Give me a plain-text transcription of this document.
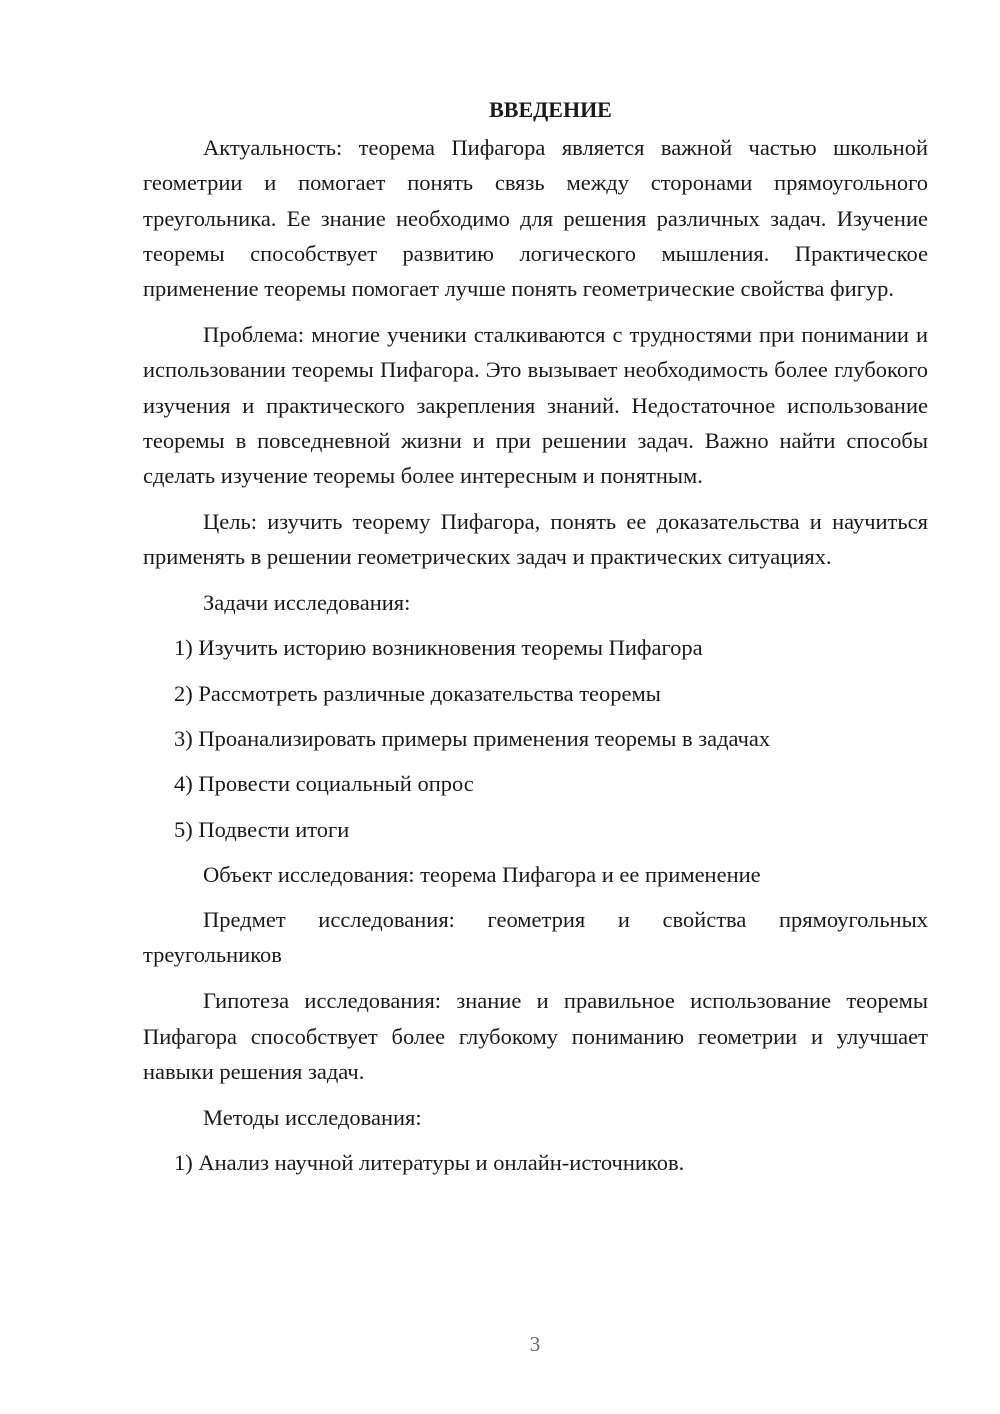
ВВЕДЕНИЕ

Актуальность: теорема Пифагора является важной частью школьной геометрии и помогает понять связь между сторонами прямоугольного треугольника. Ее знание необходимо для решения различных задач. Изучение теоремы способствует развитию логического мышления. Практическое применение теоремы помогает лучше понять геометрические свойства фигур.

Проблема: многие ученики сталкиваются с трудностями при понимании и использовании теоремы Пифагора. Это вызывает необходимость более глубокого изучения и практического закрепления знаний. Недостаточное использование теоремы в повседневной жизни и при решении задач. Важно найти способы сделать изучение теоремы более интересным и понятным.

Цель: изучить теорему Пифагора, понять ее доказательства и научиться применять в решении геометрических задач и практических ситуациях.

Задачи исследования:
1) Изучить историю возникновения теоремы Пифагора
2) Рассмотреть различные доказательства теоремы
3) Проанализировать примеры применения теоремы в задачах
4) Провести социальный опрос
5) Подвести итоги
Объект исследования: теорема Пифагора и ее применение

Предмет исследования: геометрия и свойства прямоугольных треугольников

Гипотеза исследования: знание и правильное использование теоремы Пифагора способствует более глубокому пониманию геометрии и улучшает навыки решения задач.

Методы исследования:
1) Анализ научной литературы и онлайн-источников.
3
